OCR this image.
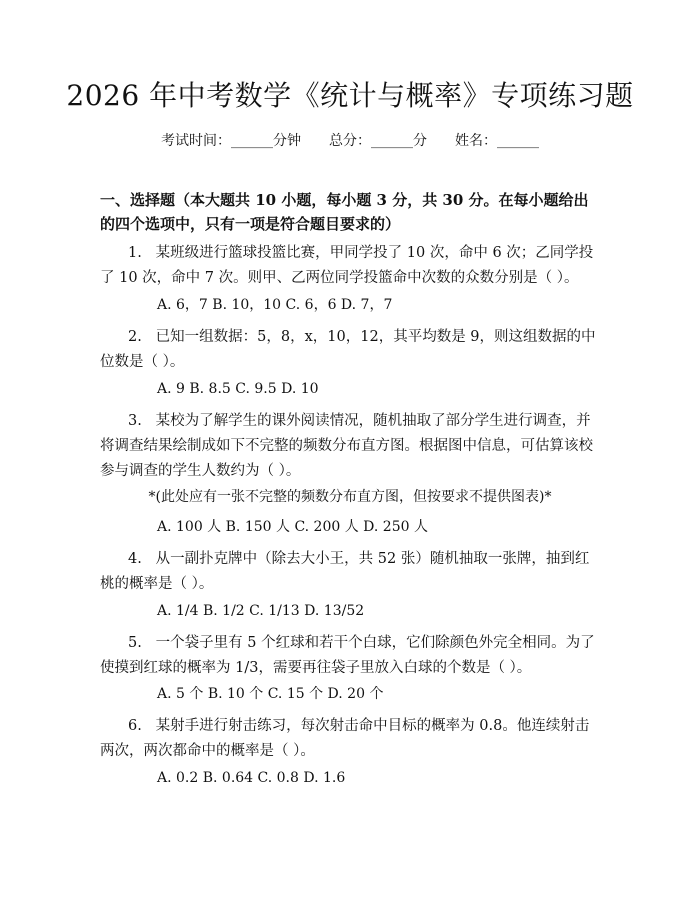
2026 年中考数学《统计与概率》专项练习题
考试时间：______分钟 总分：______分 姓名：______
一、选择题（本大题共 10 小题，每小题 3 分，共 30 分。在每小题给出的四个选项中，只有一项是符合题目要求的）
1. 某班级进行篮球投篮比赛，甲同学投了 10 次，命中 6 次；乙同学投了 10 次，命中 7 次。则甲、乙两位同学投篮命中次数的众数分别是（ ）。
A. 6，7 B. 10，10 C. 6，6 D. 7，7
2. 已知一组数据：5，8，x，10，12，其平均数是 9，则这组数据的中位数是（ ）。
A. 9 B. 8.5 C. 9.5 D. 10
3. 某校为了解学生的课外阅读情况，随机抽取了部分学生进行调查，并将调查结果绘制成如下不完整的频数分布直方图。根据图中信息，可估算该校参与调查的学生人数约为（ ）。
*(此处应有一张不完整的频数分布直方图，但按要求不提供图表)*
A. 100 人 B. 150 人 C. 200 人 D. 250 人
4. 从一副扑克牌中（除去大小王，共 52 张）随机抽取一张牌，抽到红桃的概率是（ ）。
A. 1/4 B. 1/2 C. 1/13 D. 13/52
5. 一个袋子里有 5 个红球和若干个白球，它们除颜色外完全相同。为了使摸到红球的概率为 1/3，需要再往袋子里放入白球的个数是（ ）。
A. 5 个 B. 10 个 C. 15 个 D. 20 个
6. 某射手进行射击练习，每次射击命中目标的概率为 0.8。他连续射击两次，两次都命中的概率是（ ）。
A. 0.2 B. 0.64 C. 0.8 D. 1.6
